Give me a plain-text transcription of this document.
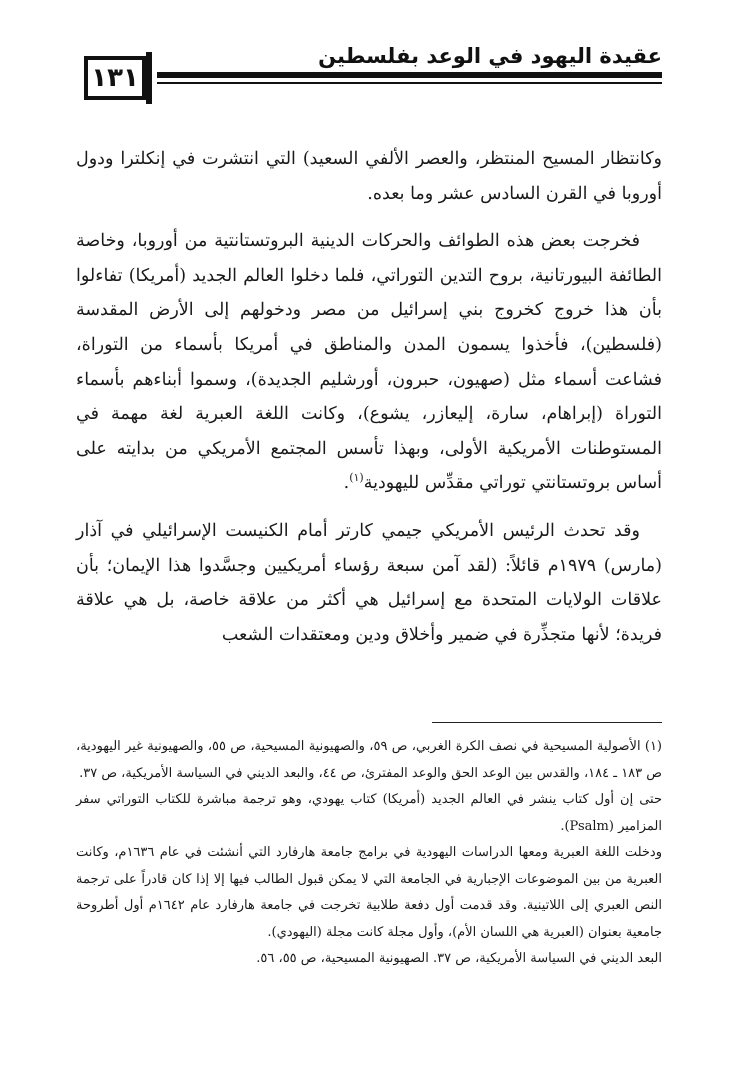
عقيدة اليهود في الوعد بفلسطين
١٣١

وكانتظار المسيح المنتظر، والعصر الألفي السعيد) التي انتشرت في إنكلترا ودول أوروبا في القرن السادس عشر وما بعده.

فخرجت بعض هذه الطوائف والحركات الدينية البروتستانتية من أوروبا، وخاصة الطائفة البيورتانية، بروح التدين التوراتي، فلما دخلوا العالم الجديد (أمريكا) تفاءلوا بأن هذا خروج كخروج بني إسرائيل من مصر ودخولهم إلى الأرض المقدسة (فلسطين)، فأخذوا يسمون المدن والمناطق في أمريكا بأسماء من التوراة، فشاعت أسماء مثل (صهيون، حبرون، أورشليم الجديدة)، وسموا أبناءهم بأسماء التوراة (إبراهام، سارة، إليعازر، يشوع)، وكانت اللغة العبرية لغة مهمة في المستوطنات الأمريكية الأولى، وبهذا تأسس المجتمع الأمريكي من بدايته على أساس بروتستانتي توراتي مقدِّس لليهودية$^{(١)}$.

وقد تحدث الرئيس الأمريكي جيمي كارتر أمام الكنيست الإسرائيلي في آذار (مارس) ١٩٧٩م قائلاً: (لقد آمن سبعة رؤساء أمريكيين وجسَّدوا هذا الإيمان؛ بأن علاقات الولايات المتحدة مع إسرائيل هي أكثر من علاقة خاصة، بل هي علاقة فريدة؛ لأنها متجذِّرة في ضمير وأخلاق ودين ومعتقدات الشعب

(١) الأصولية المسيحية في نصف الكرة الغربي، ص ٥٩، والصهيونية المسيحية، ص ٥٥، والصهيونية غير اليهودية، ص ١٨٣ ـ ١٨٤، والقدس بين الوعد الحق والوعد المفترئ، ص ٤٤، والبعد الديني في السياسة الأمريكية، ص ٣٧.

حتى إن أول كتاب ينشر في العالم الجديد (أمريكا) كتاب يهودي، وهو ترجمة مباشرة للكتاب التوراتي سفر المزامير (Psalm).

ودخلت اللغة العبرية ومعها الدراسات اليهودية في برامج جامعة هارفارد التي أنشئت في عام ١٦٣٦م، وكانت العبرية من بين الموضوعات الإجبارية في الجامعة التي لا يمكن قبول الطالب فيها إلا إذا كان قادراً على ترجمة النص العبري إلى اللاتينية. وقد قدمت أول دفعة طلابية تخرجت في جامعة هارفارد عام ١٦٤٢م أول أطروحة جامعية بعنوان (العبرية هي اللسان الأم)، وأول مجلة كانت مجلة (اليهودي).

البعد الديني في السياسة الأمريكية، ص ٣٧. الصهيونية المسيحية، ص ٥٥، ٥٦.
